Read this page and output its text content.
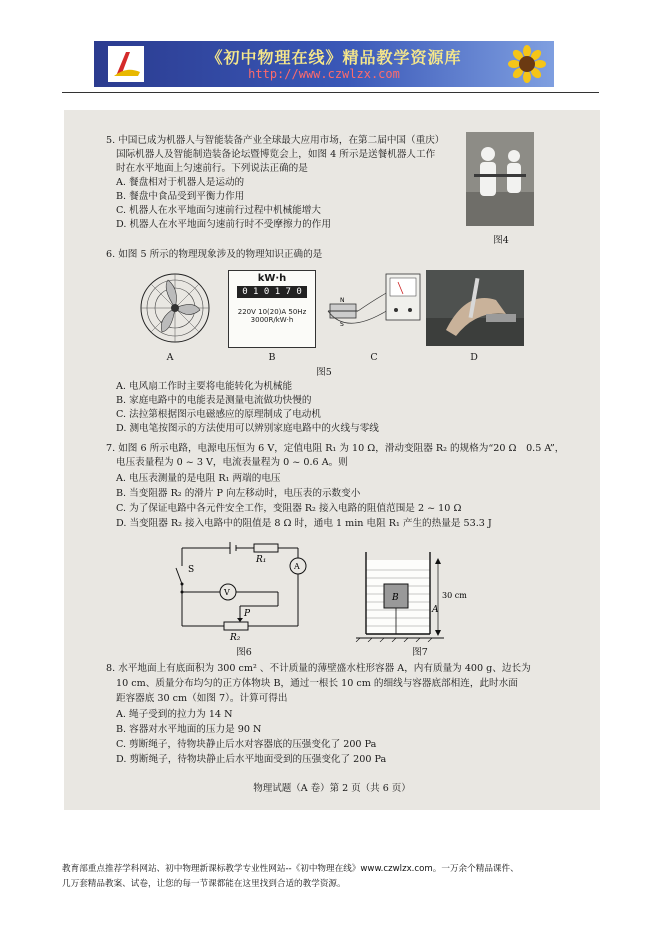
《初中物理在线》精品教学资源库
http://www.czwlzx.com
5. 中国已成为机器人与智能装备产业全球最大应用市场，在第二届中国（重庆）
国际机器人及智能制造装备论坛暨博览会上，如图 4 所示是送餐机器人工作
时在水平地面上匀速前行。下列说法正确的是
A. 餐盘相对于机器人是运动的
B. 餐盘中食品受到平衡力作用
C. 机器人在水平地面匀速前行过程中机械能增大
D. 机器人在水平地面匀速前行时不受摩擦力的作用
图4
6. 如图 5 所示的物理现象涉及的物理知识正确的是
kW·h
0 1 0 1 7 0
220V 10(20)A 50Hz
3000R/kW·h
N
S
A	B	C	D
图5
A. 电风扇工作时主要将电能转化为机械能
B. 家庭电路中的电能表是测量电流做功快慢的
C. 法拉第根据图示电磁感应的原理制成了电动机
D. 测电笔按图示的方法使用可以辨别家庭电路中的火线与零线
7. 如图 6 所示电路，电源电压恒为 6 V，定值电阻 R₁ 为 10 Ω，滑动变阻器 R₂ 的规格为“20 Ω　0.5 A”，
电压表量程为 0 ~ 3 V，电流表量程为 0 ~ 0.6 A。则
A. 电压表测量的是电阻 R₁ 两端的电压
B. 当变阻器 R₂ 的滑片 P 向左移动时，电压表的示数变小
C. 为了保证电路中各元件安全工作，变阻器 R₂ 接入电路的阻值范围是 2 ~ 10 Ω
D. 当变阻器 R₂ 接入电路中的阻值是 8 Ω 时，通电 1 min 电阻 R₁ 产生的热量是 53.3 J
R₁
A
V
S
P
R₂
图6
B
A
30 cm
图7
8. 水平地面上有底面积为 300 cm² 、不计质量的薄壁盛水柱形容器 A，内有质量为 400 g、边长为
10 cm、质量分布均匀的正方体物块 B，通过一根长 10 cm 的细线与容器底部相连，此时水面
距容器底 30 cm（如图 7）。计算可得出
A. 绳子受到的拉力为 14 N
B. 容器对水平地面的压力是 90 N
C. 剪断绳子，待物块静止后水对容器底的压强变化了 200 Pa
D. 剪断绳子，待物块静止后水平地面受到的压强变化了 200 Pa
物理试题（A 卷）第 2 页（共 6 页）
教育部重点推荐学科网站、初中物理新课标教学专业性网站--《初中物理在线》www.czwlzx.com。一万余个精品课件、
几万套精品教案、试卷，让您的每一节课都能在这里找到合适的教学资源。
